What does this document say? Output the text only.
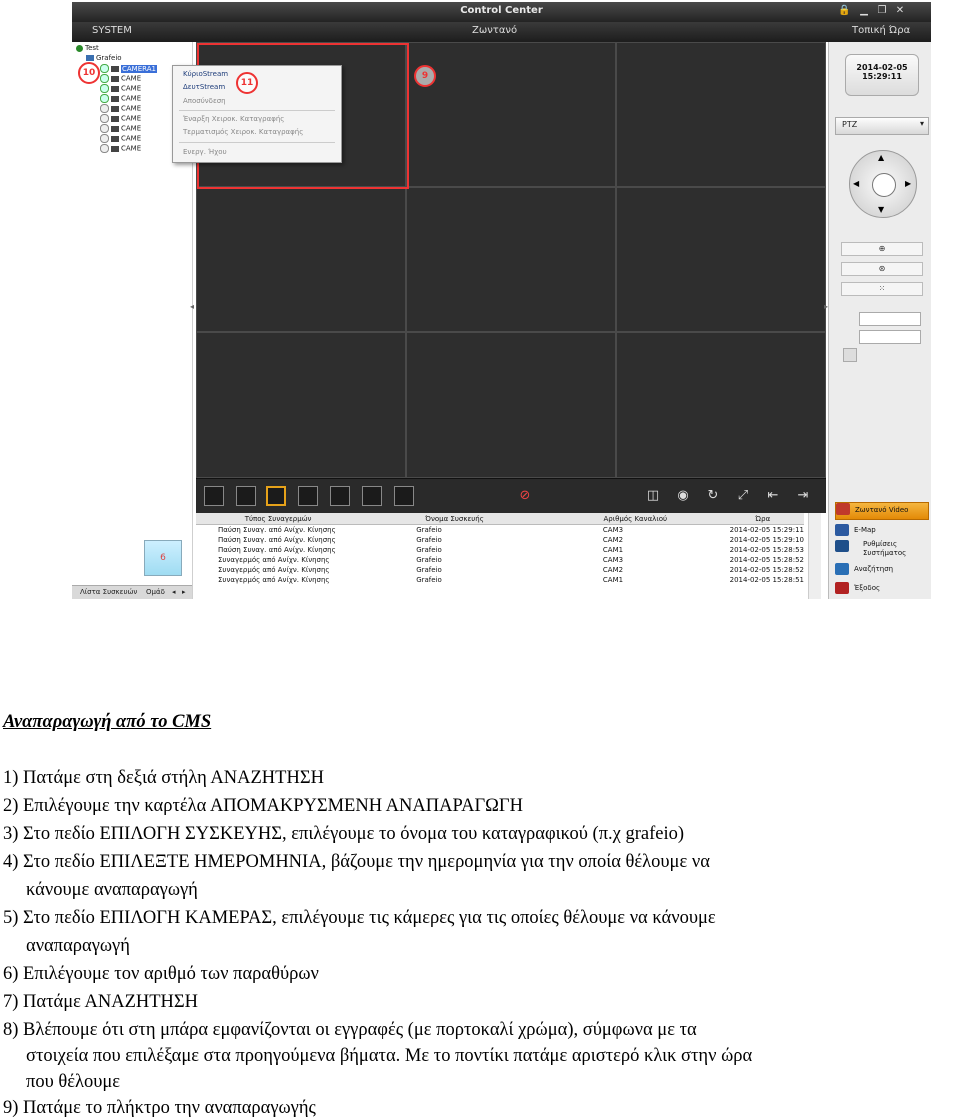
Control Center	🔒 ▁ ❐ ✕
SYSTEM	Ζωντανό	Τοπική Ώρα
Test
Grafeio
CAMERA1
CAME
CAME
CAME
CAME
CAME
CAME
CAME
CAME
6
Λίστα Συσκευών Ομάδ ◂ ▸
10	9
◂	▸
ΚύριοStream
ΔευτStream
Αποσύνδεση
Έναρξη Χειροκ. Καταγραφής
Τερματισμός Χειροκ. Καταγραφής
Ενεργ. Ήχου
11
⊘	◫	◉	↻	⤢	⇤	⇥
Τύπος Συναγερμών	Όνομα Συσκευής	Αριθμός Καναλιού	Ώρα
Παύση Συναγ. από Ανίχν. Κίνησης	Grafeio	CAM3	2014-02-05 15:29:11
Παύση Συναγ. από Ανίχν. Κίνησης	Grafeio	CAM2	2014-02-05 15:29:10
Παύση Συναγ. από Ανίχν. Κίνησης	Grafeio	CAM1	2014-02-05 15:28:53
Συναγερμός από Ανίχν. Κίνησης	Grafeio	CAM3	2014-02-05 15:28:52
Συναγερμός από Ανίχν. Κίνησης	Grafeio	CAM2	2014-02-05 15:28:52
Συναγερμός από Ανίχν. Κίνησης	Grafeio	CAM1	2014-02-05 15:28:51
2014-02-05
15:29:11
PTZ	▾
▲
▼
◀	▶
⊕
⊛
⁙
Ζωντανό Video
E-Map
Ρυθμίσεις
Συστήματος
Αναζήτηση
Έξοδος
Αναπαραγωγή από το CMS
1) Πατάμε στη δεξιά στήλη ΑΝΑΖΗΤΗΣΗ
2) Επιλέγουμε την καρτέλα ΑΠΟΜΑΚΡΥΣΜΕΝΗ ΑΝΑΠΑΡΑΓΩΓΗ
3) Στο πεδίο ΕΠΙΛΟΓΗ ΣΥΣΚΕΥΗΣ, επιλέγουμε το όνομα του καταγραφικού (π.χ grafeio)
4) Στο πεδίο ΕΠΙΛΕΞΤΕ ΗΜΕΡΟΜΗΝΙΑ, βάζουμε την ημερομηνία για την οποία θέλουμε να
κάνουμε αναπαραγωγή
5) Στο πεδίο ΕΠΙΛΟΓΗ ΚΑΜΕΡΑΣ, επιλέγουμε τις κάμερες για τις οποίες θέλουμε να κάνουμε
αναπαραγωγή
6) Επιλέγουμε τον αριθμό των παραθύρων
7) Πατάμε ΑΝΑΖΗΤΗΣΗ
8) Βλέπουμε ότι στη μπάρα εμφανίζονται οι εγγραφές (με πορτοκαλί χρώμα), σύμφωνα με τα
στοιχεία που επιλέξαμε στα προηγούμενα βήματα. Με το ποντίκι πατάμε αριστερό κλικ στην ώρα
που θέλουμε
9) Πατάμε το πλήκτρο την αναπαραγωγής
